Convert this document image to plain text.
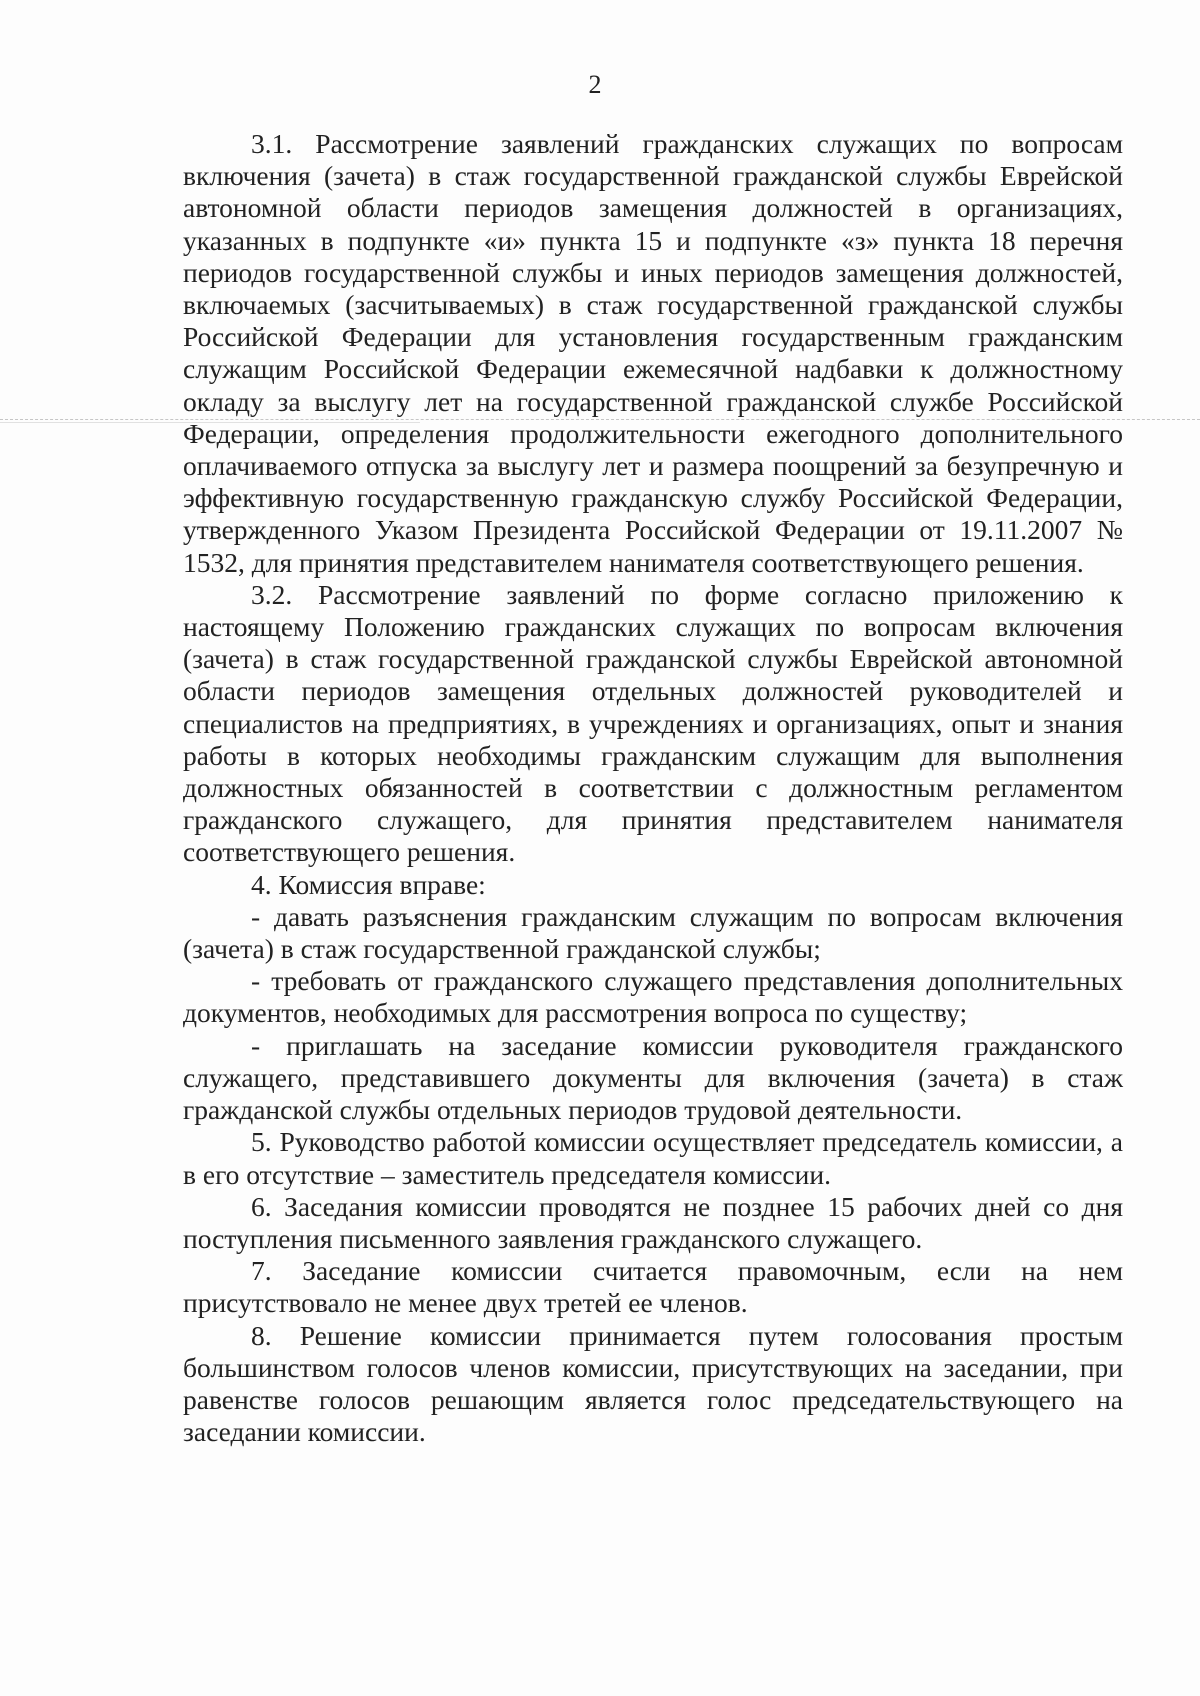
2

3.1. Рассмотрение заявлений гражданских служащих по вопросам включения (зачета) в стаж государственной гражданской службы Еврейской автономной области периодов замещения должностей в организациях, указанных в подпункте «и» пункта 15 и подпункте «з» пункта 18 перечня периодов государственной службы и иных периодов замещения должностей, включаемых (засчитываемых) в стаж государственной гражданской службы Российской Федерации для установления государственным гражданским служащим Российской Федерации ежемесячной надбавки к должностному окладу за выслугу лет на государственной гражданской службе Российской Федерации, определения продолжительности ежегодного дополнительного оплачиваемого отпуска за выслугу лет и размера поощрений за безупречную и эффективную государственную гражданскую службу Российской Федерации, утвержденного Указом Президента Российской Федерации от 19.11.2007 № 1532, для принятия представителем нанимателя соответствующего решения.

3.2. Рассмотрение заявлений по форме согласно приложению к настоящему Положению гражданских служащих по вопросам включения (зачета) в стаж государственной гражданской службы Еврейской автономной области периодов замещения отдельных должностей руководителей и специалистов на предприятиях, в учреждениях и организациях, опыт и знания работы в которых необходимы гражданским служащим для выполнения должностных обязанностей в соответствии с должностным регламентом гражданского служащего, для принятия представителем нанимателя соответствующего решения.

4. Комиссия вправе:

- давать разъяснения гражданским служащим по вопросам включения (зачета) в стаж государственной гражданской службы;

- требовать от гражданского служащего представления дополнительных документов, необходимых для рассмотрения вопроса по существу;

- приглашать на заседание комиссии руководителя гражданского служащего, представившего документы для включения (зачета) в стаж гражданской службы отдельных периодов трудовой деятельности.

5. Руководство работой комиссии осуществляет председатель комиссии, а в его отсутствие – заместитель председателя комиссии.

6. Заседания комиссии проводятся не позднее 15 рабочих дней со дня поступления письменного заявления гражданского служащего.

7. Заседание комиссии считается правомочным, если на нем присутствовало не менее двух третей ее членов.

8. Решение комиссии принимается путем голосования простым большинством голосов членов комиссии, присутствующих на заседании, при равенстве голосов решающим является голос председательствующего на заседании комиссии.
